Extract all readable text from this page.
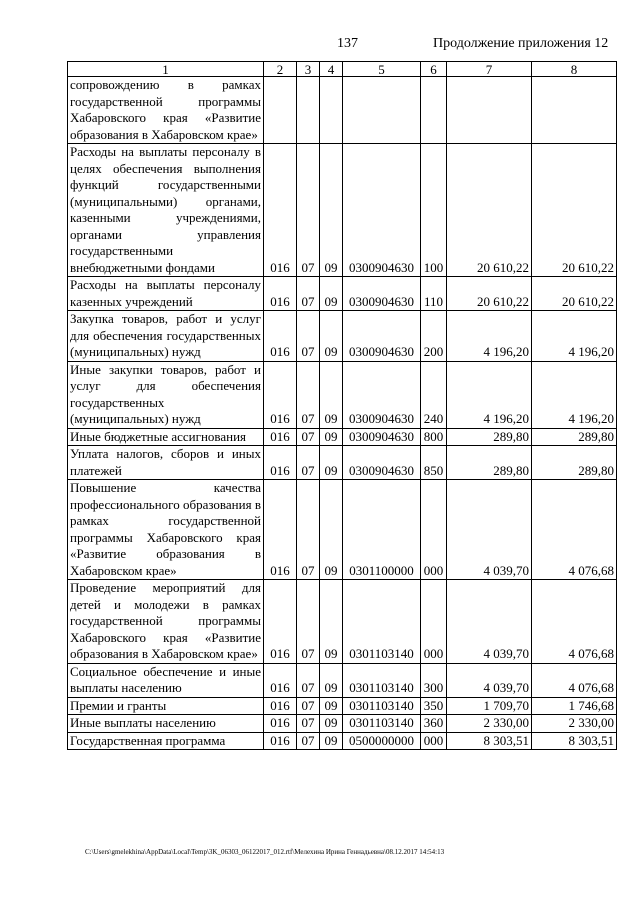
137	Продолжение приложения 12
1	2	3	4	5	6	7	8
сопровождению в рамках государственной программы Хабаровского края «Развитие образования в Хабаровском крае»							
Расходы на выплаты персоналу в целях обеспечения выполнения функций государственными (муниципальными) органами, казенными учреждениями, органами управления государственными внебюджетными фондами	016	07	09	0300904630	100	20 610,22	20 610,22
Расходы на выплаты персоналу казенных учреждений	016	07	09	0300904630	110	20 610,22	20 610,22
Закупка товаров, работ и услуг для обеспечения государственных (муниципальных) нужд	016	07	09	0300904630	200	4 196,20	4 196,20
Иные закупки товаров, работ и услуг для обеспечения государственных (муниципальных) нужд	016	07	09	0300904630	240	4 196,20	4 196,20
Иные бюджетные ассигнования	016	07	09	0300904630	800	289,80	289,80
Уплата налогов, сборов и иных платежей	016	07	09	0300904630	850	289,80	289,80
Повышение качества профессионального образования в рамках государственной программы Хабаровского края «Развитие образования в Хабаровском крае»	016	07	09	0301100000	000	4 039,70	4 076,68
Проведение мероприятий для детей и молодежи в рамках государственной программы Хабаровского края «Развитие образования в Хабаровском крае»	016	07	09	0301103140	000	4 039,70	4 076,68
Социальное обеспечение и иные выплаты населению	016	07	09	0301103140	300	4 039,70	4 076,68
Премии и гранты	016	07	09	0301103140	350	1 709,70	1 746,68
Иные выплаты населению	016	07	09	0301103140	360	2 330,00	2 330,00
Государственная программа	016	07	09	0500000000	000	8 303,51	8 303,51
C:\Users\gmelekhina\AppData\Local\Temp\3K_06303_06122017_012.rtf\Мелехина Ирина Геннадьевна\08.12.2017 14:54:13
